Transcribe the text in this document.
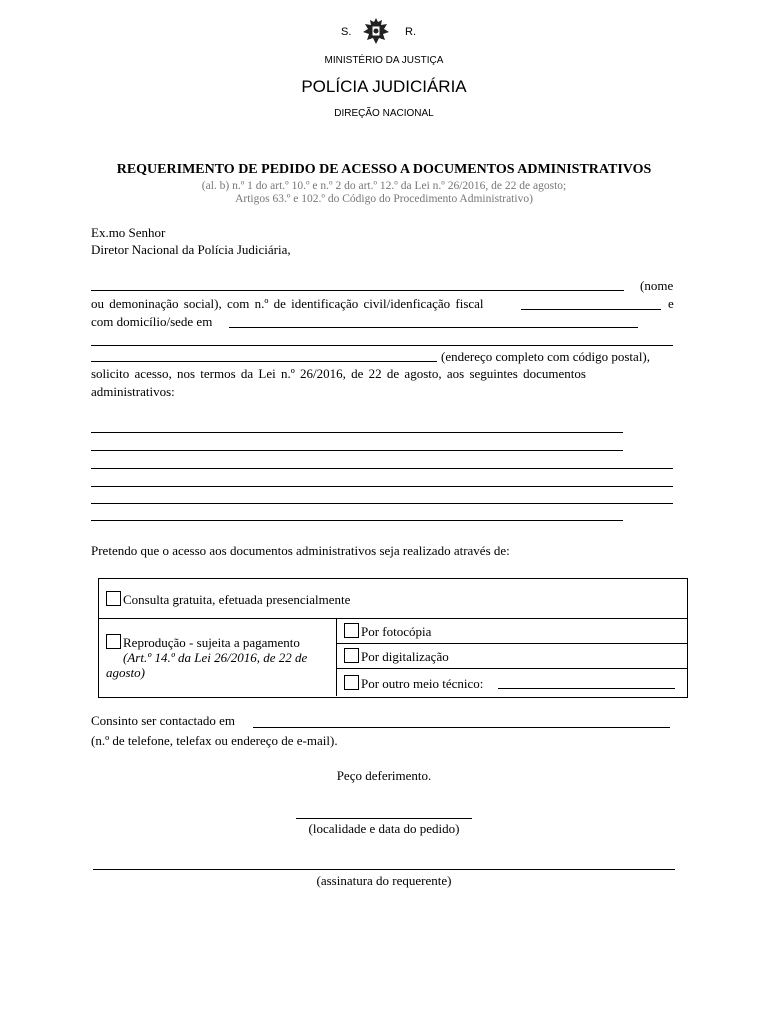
S.	R.
MINISTÉRIO DA JUSTIÇA
POLÍCIA JUDICIÁRIA
DIREÇÃO NACIONAL
REQUERIMENTO DE PEDIDO DE ACESSO A DOCUMENTOS ADMINISTRATIVOS
(al. b) n.º 1 do art.º 10.º e n.º 2 do art.º 12.º da Lei n.º 26/2016, de 22 de agosto;
Artigos 63.º e 102.º do Código do Procedimento Administrativo)
Ex.mo Senhor
Diretor Nacional da Polícia Judiciária,
(nome
ou demoninação social), com n.º de identificação civil/idenficação fiscal	e
com domicílio/sede em
(endereço completo com código postal),
solicito acesso, nos termos da Lei n.º 26/2016, de 22 de agosto, aos seguintes documentos
administrativos:
Pretendo que o acesso aos documentos administrativos seja realizado através de:
Consulta gratuita, efetuada presencialmente
Reprodução - sujeita a pagamento
(Art.º 14.º da Lei 26/2016, de 22 de
agosto)
Por fotocópia
Por digitalização
Por outro meio técnico:
Consinto ser contactado em
(n.º de telefone, telefax ou endereço de e-mail).
Peço deferimento.
(localidade e data do pedido)
(assinatura do requerente)
